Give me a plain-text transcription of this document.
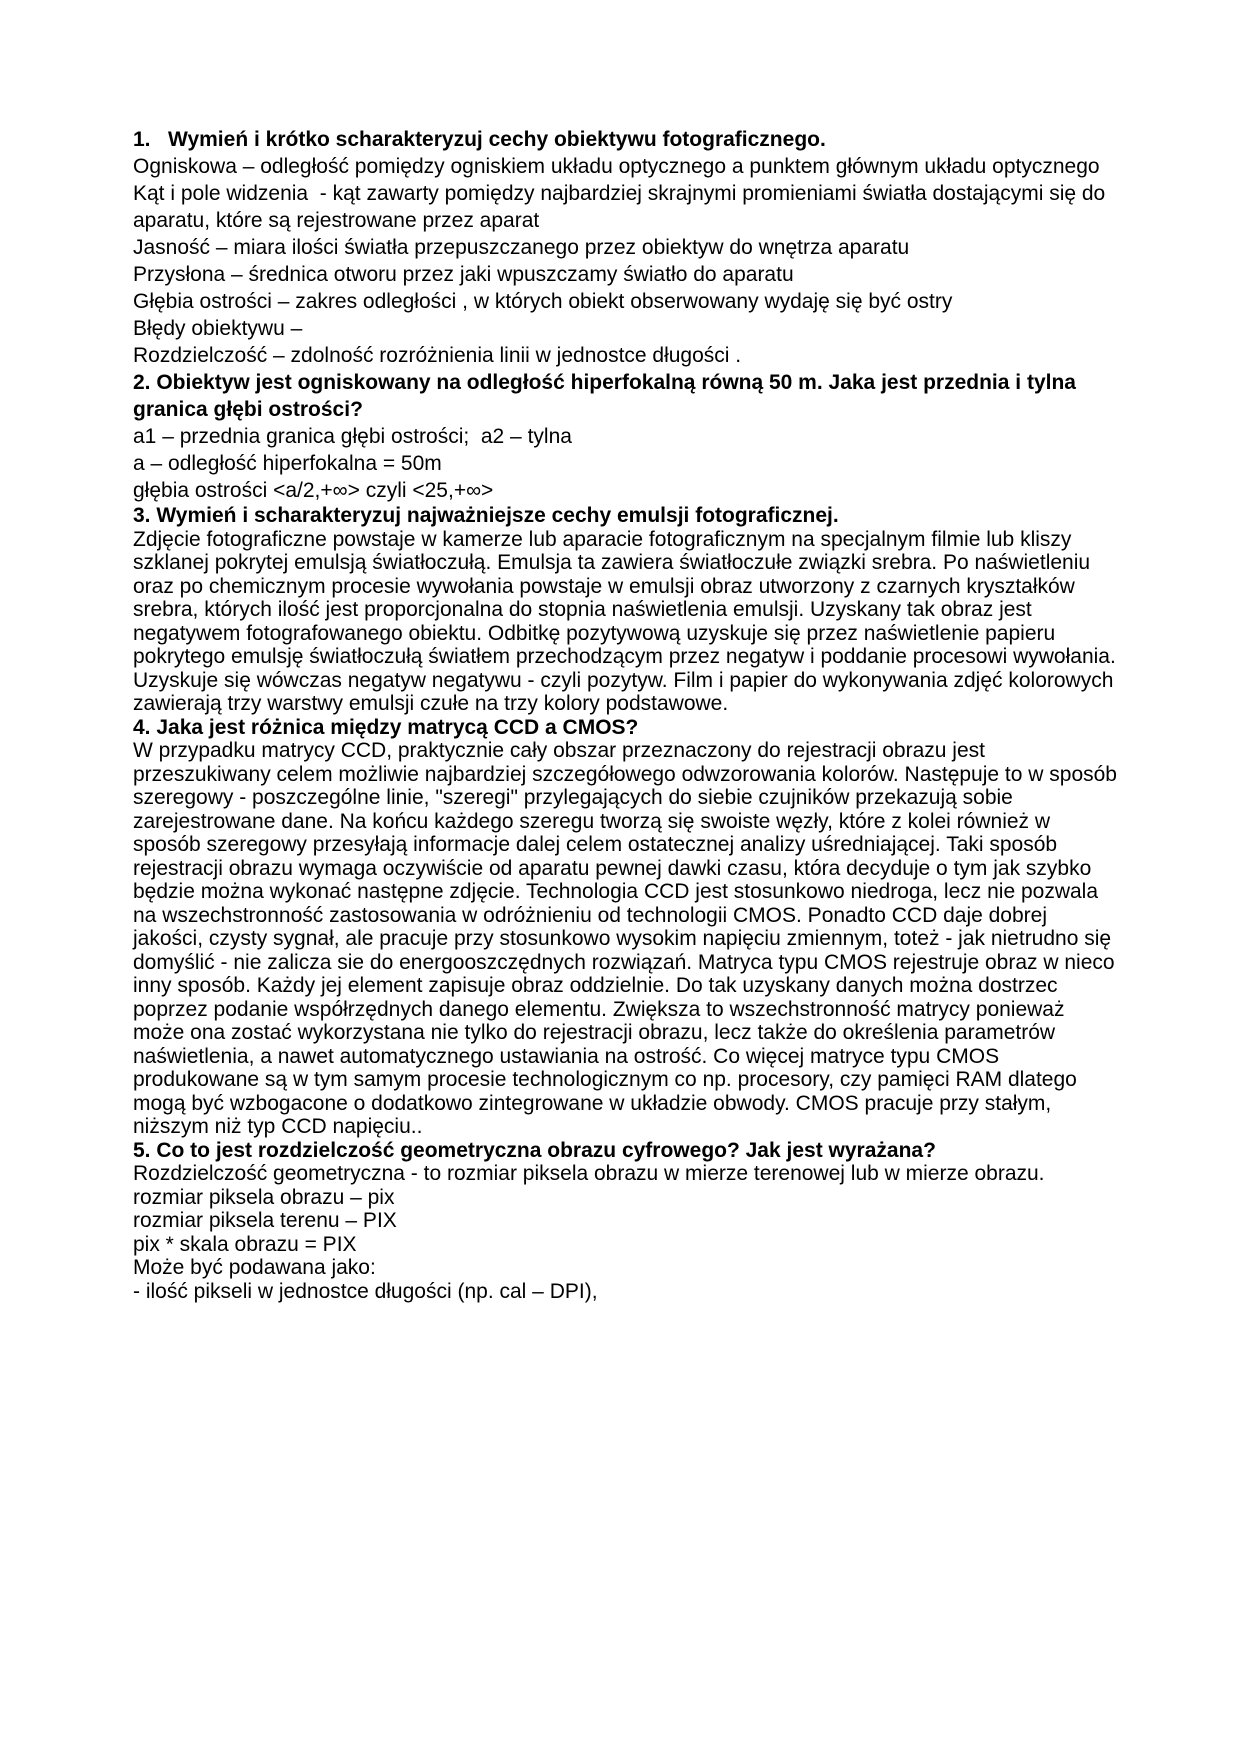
1.   Wymień i krótko scharakteryzuj cechy obiektywu fotograficznego.
Ogniskowa – odległość pomiędzy ogniskiem układu optycznego a punktem głównym układu optycznego
Kąt i pole widzenia  - kąt zawarty pomiędzy najbardziej skrajnymi promieniami światła dostającymi się do aparatu, które są rejestrowane przez aparat
Jasność – miara ilości światła przepuszczanego przez obiektyw do wnętrza aparatu
Przysłona – średnica otworu przez jaki wpuszczamy światło do aparatu
Głębia ostrości – zakres odległości , w których obiekt obserwowany wydaję się być ostry
Błędy obiektywu –
Rozdzielczość – zdolność rozróżnienia linii w jednostce długości .
2. Obiektyw jest ogniskowany na odległość hiperfokalną równą 50 m. Jaka jest przednia i tylna granica głębi ostrości?
a1 – przednia granica głębi ostrości;  a2 – tylna
a – odległość hiperfokalna = 50m
głębia ostrości <a/2,+∞> czyli <25,+∞>
3. Wymień i scharakteryzuj najważniejsze cechy emulsji fotograficznej.
Zdjęcie fotograficzne powstaje w kamerze lub aparacie fotograficznym na specjalnym filmie lub kliszy szklanej pokrytej emulsją światłoczułą. Emulsja ta zawiera światłoczułe związki srebra. Po naświetleniu oraz po chemicznym procesie wywołania powstaje w emulsji obraz utworzony z czarnych kryształków srebra, których ilość jest proporcjonalna do stopnia naświetlenia emulsji. Uzyskany tak obraz jest negatywem fotografowanego obiektu. Odbitkę pozytywową uzyskuje się przez naświetlenie papieru pokrytego emulsję światłoczułą światłem przechodzącym przez negatyw i poddanie procesowi wywołania. Uzyskuje się wówczas negatyw negatywu - czyli pozytyw. Film i papier do wykonywania zdjęć kolorowych zawierają trzy warstwy emulsji czułe na trzy kolory podstawowe.
4. Jaka jest różnica między matrycą CCD a CMOS?
W przypadku matrycy CCD, praktycznie cały obszar przeznaczony do rejestracji obrazu jest przeszukiwany celem możliwie najbardziej szczegółowego odwzorowania kolorów. Następuje to w sposób szeregowy - poszczególne linie, "szeregi" przylegających do siebie czujników przekazują sobie zarejestrowane dane. Na końcu każdego szeregu tworzą się swoiste węzły, które z kolei również w sposób szeregowy przesyłają informacje dalej celem ostatecznej analizy uśredniającej. Taki sposób rejestracji obrazu wymaga oczywiście od aparatu pewnej dawki czasu, która decyduje o tym jak szybko będzie można wykonać następne zdjęcie. Technologia CCD jest stosunkowo niedroga, lecz nie pozwala na wszechstronność zastosowania w odróżnieniu od technologii CMOS. Ponadto CCD daje dobrej jakości, czysty sygnał, ale pracuje przy stosunkowo wysokim napięciu zmiennym, toteż - jak nietrudno się domyślić - nie zalicza sie do energooszczędnych rozwiązań. Matryca typu CMOS rejestruje obraz w nieco inny sposób. Każdy jej element zapisuje obraz oddzielnie. Do tak uzyskany danych można dostrzec poprzez podanie współrzędnych danego elementu. Zwiększa to wszechstronność matrycy ponieważ  może ona zostać wykorzystana nie tylko do rejestracji obrazu, lecz także do określenia parametrów naświetlenia, a nawet automatycznego ustawiania na ostrość. Co więcej matryce typu CMOS produkowane są w tym samym procesie technologicznym co np. procesory, czy pamięci RAM dlatego mogą być wzbogacone o dodatkowo zintegrowane w układzie obwody. CMOS pracuje przy stałym, niższym niż typ CCD napięciu..
5. Co to jest rozdzielczość geometryczna obrazu cyfrowego? Jak jest wyrażana?
Rozdzielczość geometryczna - to rozmiar piksela obrazu w mierze terenowej lub w mierze obrazu.
rozmiar piksela obrazu – pix
rozmiar piksela terenu – PIX
pix * skala obrazu = PIX
Może być podawana jako:
- ilość pikseli w jednostce długości (np. cal – DPI),
